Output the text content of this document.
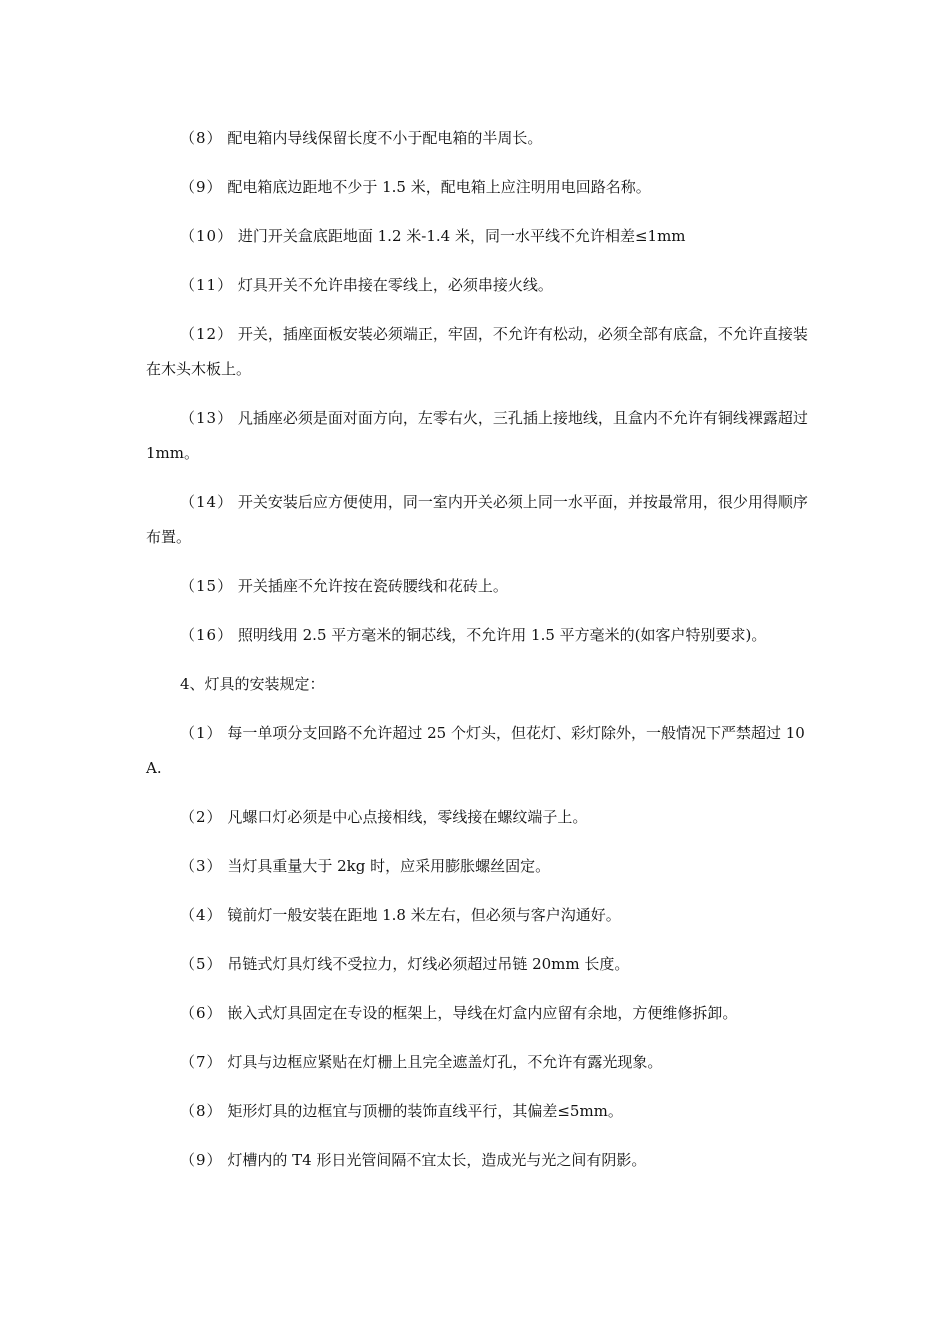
（8） 配电箱内导线保留长度不小于配电箱的半周长。

（9） 配电箱底边距地不少于 1.5 米，配电箱上应注明用电回路名称。

（10） 进门开关盒底距地面 1.2 米-1.4 米，同一水平线不允许相差≤1mm

（11） 灯具开关不允许串接在零线上，必须串接火线。

（12） 开关，插座面板安装必须端正，牢固，不允许有松动，必须全部有底盒，不允许直接装在木头木板上。

（13） 凡插座必须是面对面方向，左零右火，三孔插上接地线，且盒内不允许有铜线裸露超过 1mm。

（14） 开关安装后应方便使用，同一室内开关必须上同一水平面，并按最常用，很少用得顺序布置。

（15） 开关插座不允许按在瓷砖腰线和花砖上。

（16） 照明线用 2.5 平方毫米的铜芯线，不允许用 1.5 平方毫米的(如客户特别要求)。

4、灯具的安装规定：

（1） 每一单项分支回路不允许超过 25 个灯头，但花灯、彩灯除外，一般情况下严禁超过 10A.

（2） 凡螺口灯必须是中心点接相线，零线接在螺纹端子上。

（3） 当灯具重量大于 2kg 时，应采用膨胀螺丝固定。

（4） 镜前灯一般安装在距地 1.8 米左右，但必须与客户沟通好。

（5） 吊链式灯具灯线不受拉力，灯线必须超过吊链 20mm 长度。

（6） 嵌入式灯具固定在专设的框架上，导线在灯盒内应留有余地，方便维修拆卸。

（7） 灯具与边框应紧贴在灯栅上且完全遮盖灯孔，不允许有露光现象。

（8） 矩形灯具的边框宜与顶栅的装饰直线平行，其偏差≤5mm。

（9） 灯槽内的 T4 形日光管间隔不宜太长，造成光与光之间有阴影。
